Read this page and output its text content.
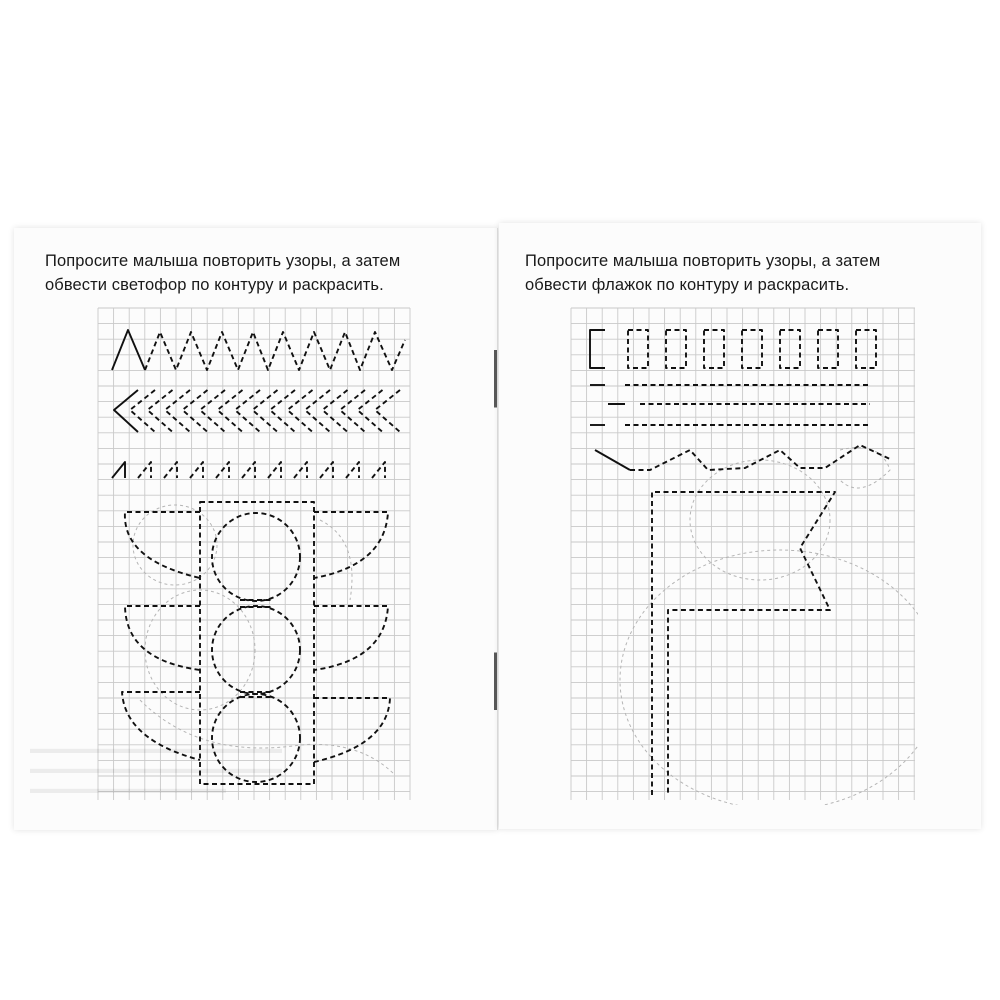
Попросите малыша повторить узоры, а затем
обвести светофор по контуру и раскрасить.

Попросите малыша повторить узоры, а затем
обвести флажок по контуру и раскрасить.

▬▬▬▬▬▬▬▬▬▬▬▬▬▬▬▬▬▬
▬▬▬▬▬▬▬▬▬▬▬▬▬▬▬▬▬▬
▬▬▬▬▬▬▬▬▬▬▬▬▬▬
